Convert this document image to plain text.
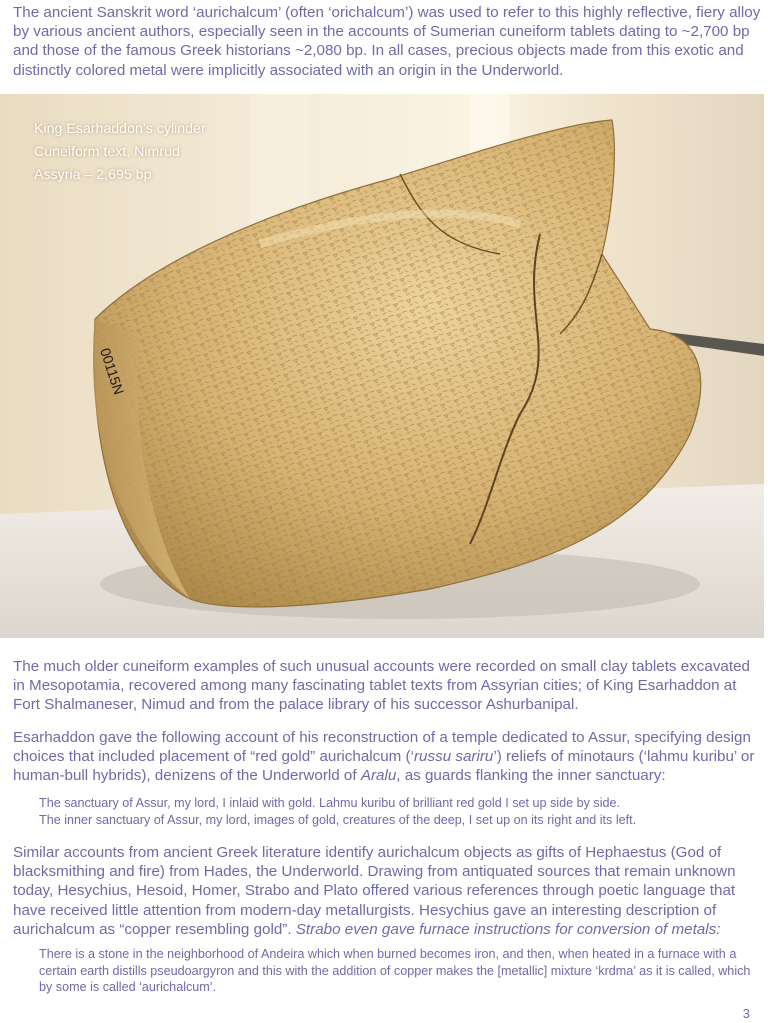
The ancient Sanskrit word ‘aurichalcum’ (often ‘orichalcum’) was used to refer to this highly reflective, fiery alloy by various ancient authors, especially seen in the accounts of Sumerian cuneiform tablets dating to ~2,700 bp and those of the famous Greek historians ~2,080 bp. In all cases, precious objects made from this exotic and distinctly colored metal were implicitly associated with an origin in the Underworld.

00115N
King Esarhaddon’s cylinder
Cuneiform text, Nimrud
Assyria – 2,695 bp

The much older cuneiform examples of such unusual accounts were recorded on small clay tablets excavated in Mesopotamia, recovered among many fascinating tablet texts from Assyrian cities; of King Esarhaddon at Fort Shalmaneser, Nimud and from the palace library of his successor Ashurbanipal.

Esarhaddon gave the following account of his reconstruction of a temple dedicated to Assur, specifying design choices that included placement of “red gold” aurichalcum (‘russu sariru’) reliefs of minotaurs (‘lahmu kuribu’ or human-bull hybrids), denizens of the Underworld of Aralu, as guards flanking the inner sanctuary:

The sanctuary of Assur, my lord, I inlaid with gold. Lahmu kuribu of brilliant red gold I set up side by side.
The inner sanctuary of Assur, my lord, images of gold, creatures of the deep, I set up on its right and its left.

Similar accounts from ancient Greek literature identify aurichalcum objects as gifts of Hephaestus (God of blacksmithing and fire) from Hades, the Underworld. Drawing from antiquated sources that remain unknown today, Hesychius, Hesoid, Homer, Strabo and Plato offered various references through poetic language that have received little attention from modern-day metallurgists. Hesychius gave an interesting description of aurichalcum as “copper resembling gold”. Strabo even gave furnace instructions for conversion of metals:

There is a stone in the neighborhood of Andeira which when burned becomes iron, and then, when heated in a furnace with a certain earth distills pseudoargyron and this with the addition of copper makes the [metallic] mixture ‘krdma’ as it is called, which by some is called ‘aurichalcum’.

3
